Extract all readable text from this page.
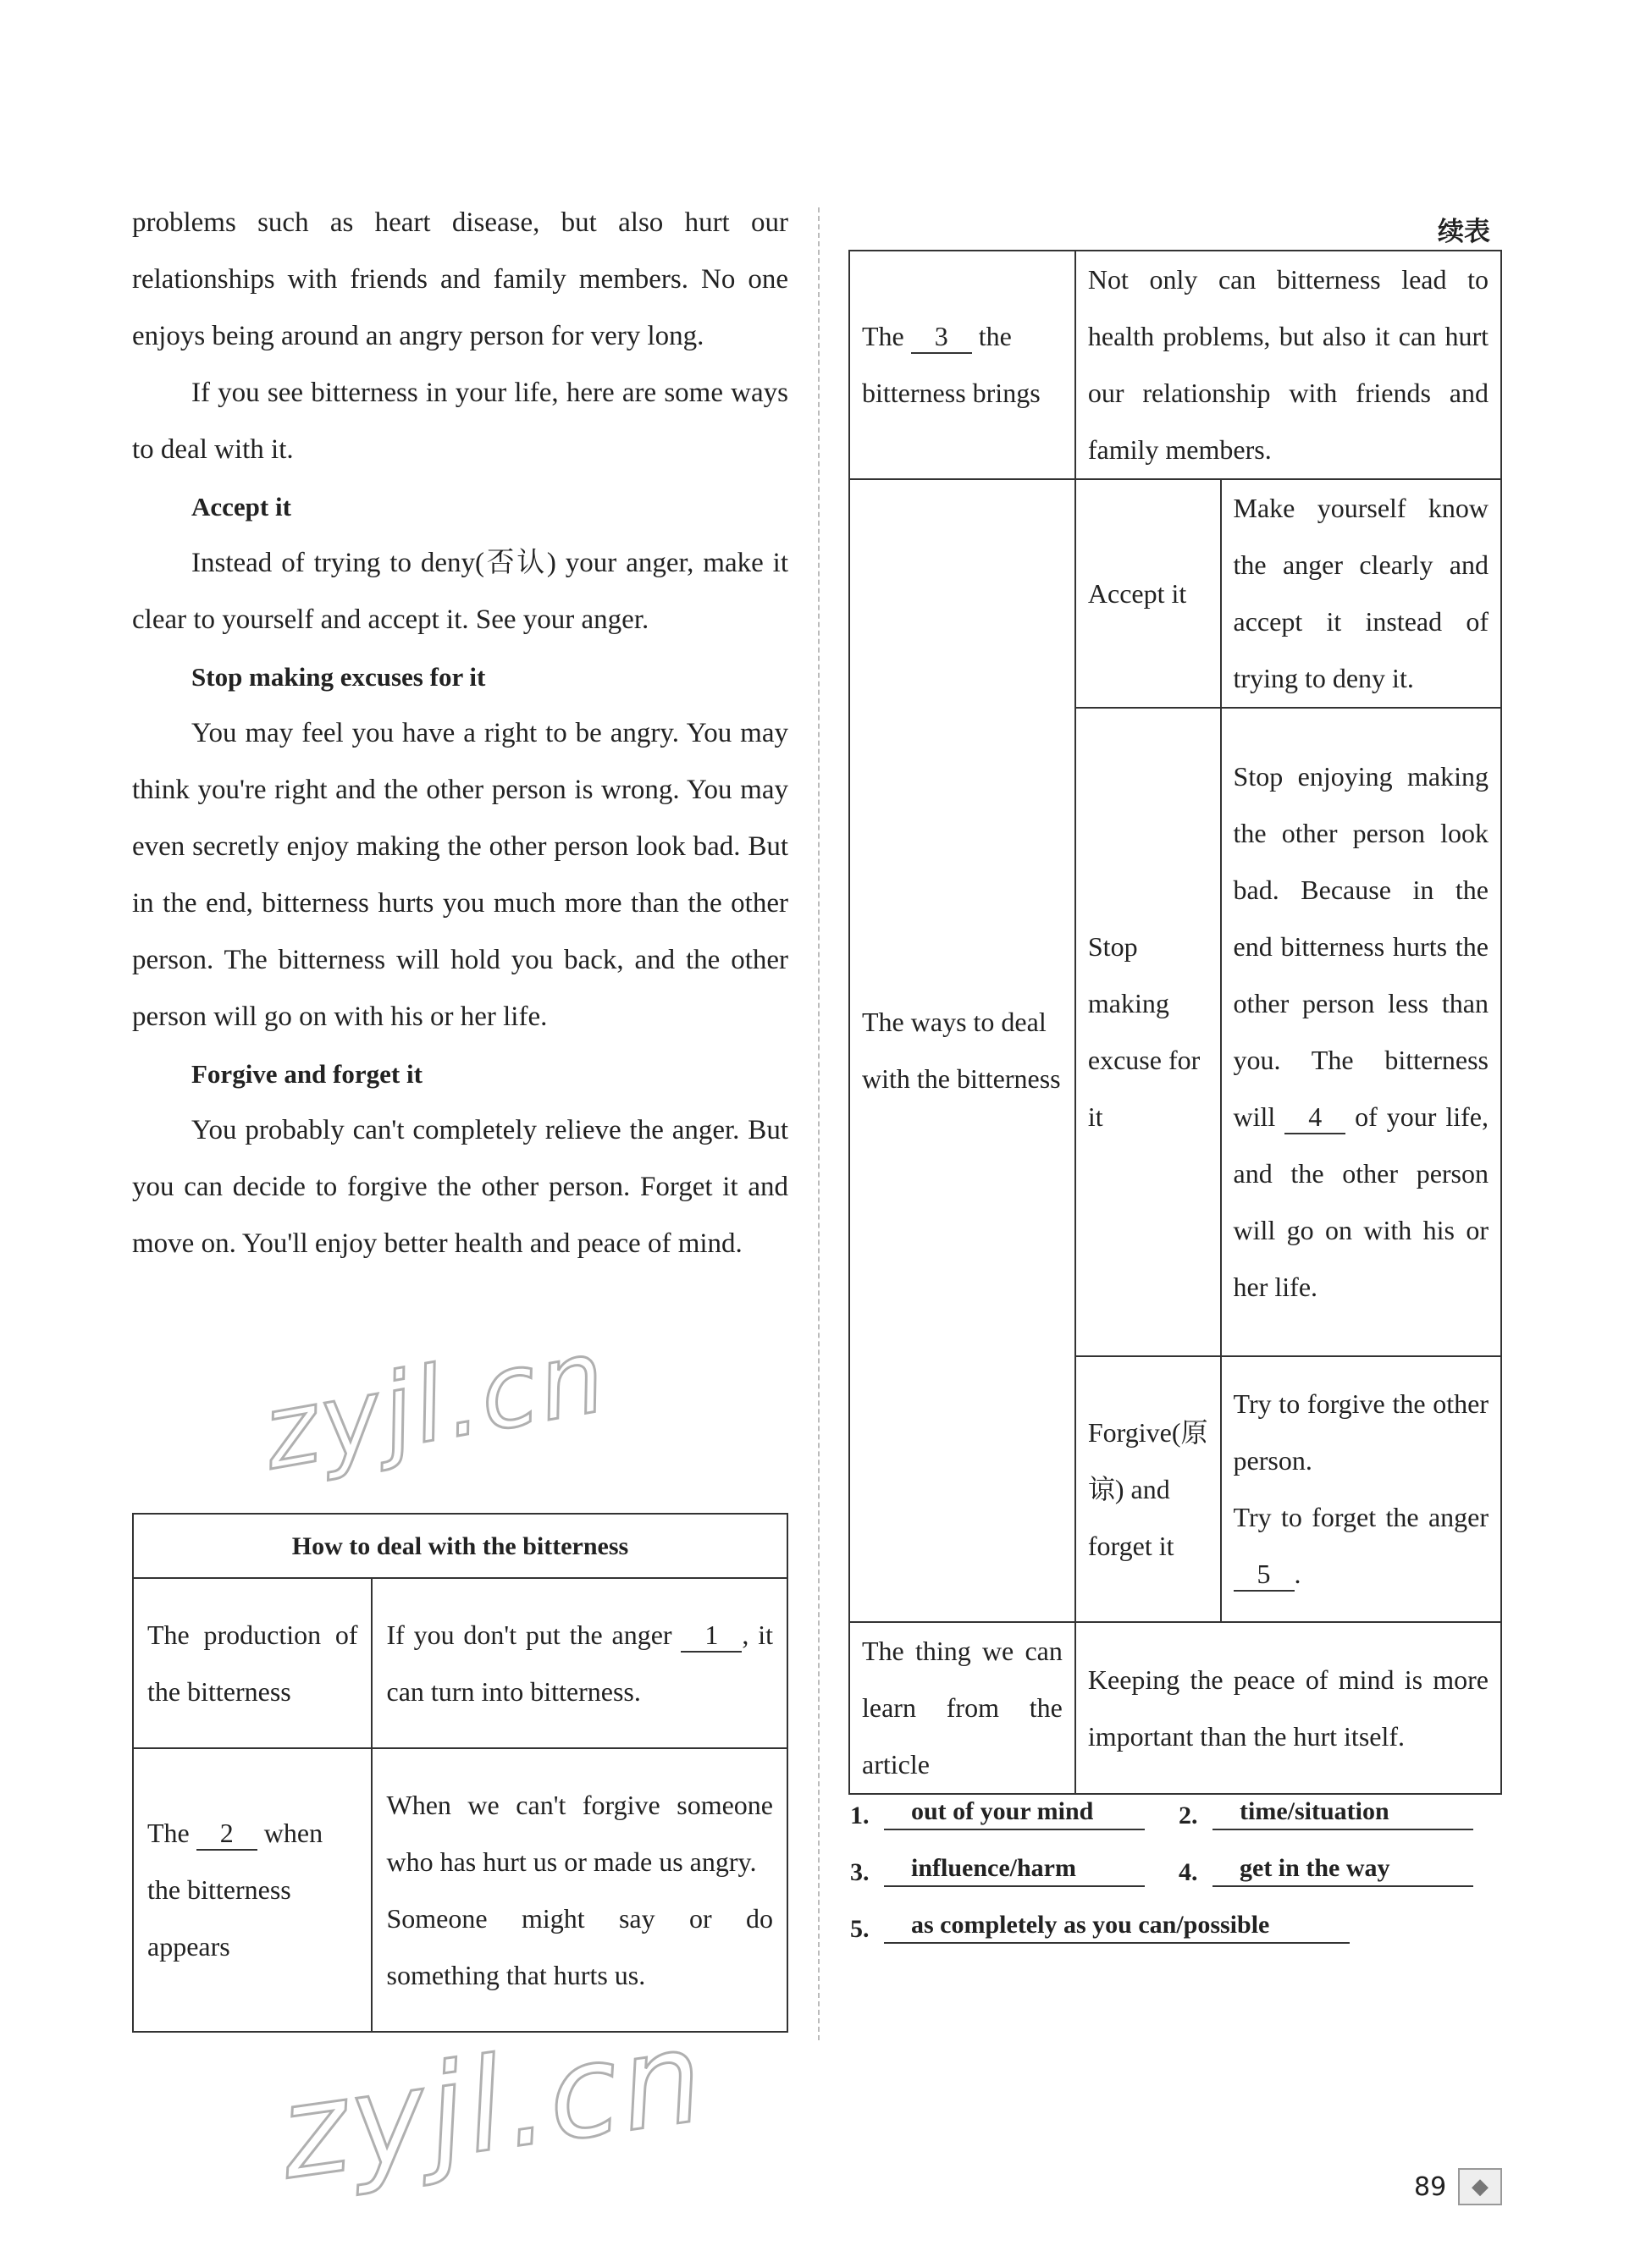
problems such as heart disease, but also hurt our relationships with friends and family members. No one enjoys being around an angry person for very long.

If you see bitterness in your life, here are some ways to deal with it.

Accept it

Instead of trying to deny(否认) your anger, make it clear to yourself and accept it. See your anger.

Stop making excuses for it

You may feel you have a right to be angry. You may think you're right and the other person is wrong. You may even secretly enjoy making the other person look bad. But in the end, bitterness hurts you much more than the other person. The bitterness will hold you back, and the other person will go on with his or her life.

Forgive and forget it

You probably can't completely relieve the anger. But you can decide to forgive the other person. Forget it and move on. You'll enjoy better health and peace of mind.

How to deal with the bitterness	
The production of the bitterness	If you don't put the anger 1 , it can turn into bitterness.
The 2 when the bitterness appears	When we can't forgive someone who has hurt us or made us angry.
Someone might say or do something that hurts us.
续表
The 3 the bitterness brings	Not only can bitterness lead to health problems, but also it can hurt our relationship with friends and family members.	
The ways to deal with the bitterness	Accept it	Make yourself know the anger clearly and accept it instead of trying to deny it.
	Stop making excuse for it	Stop enjoying making the other person look bad. Because in the end bitterness hurts the other person less than you. The bitterness will 4 of your life, and the other person will go on with his or her life.
	Forgive(原谅) and forget it	Try to forgive the other person.
Try to forget the anger 5 .

The thing we can learn from the article	Keeping the peace of mind is more important than the hurt itself.	
1.	out of your mind	2.	time/situation
3.	influence/harm	4.	get in the way
5.	as completely as you can/possible
zyjl.cn
zyjl.cn	89	◆
